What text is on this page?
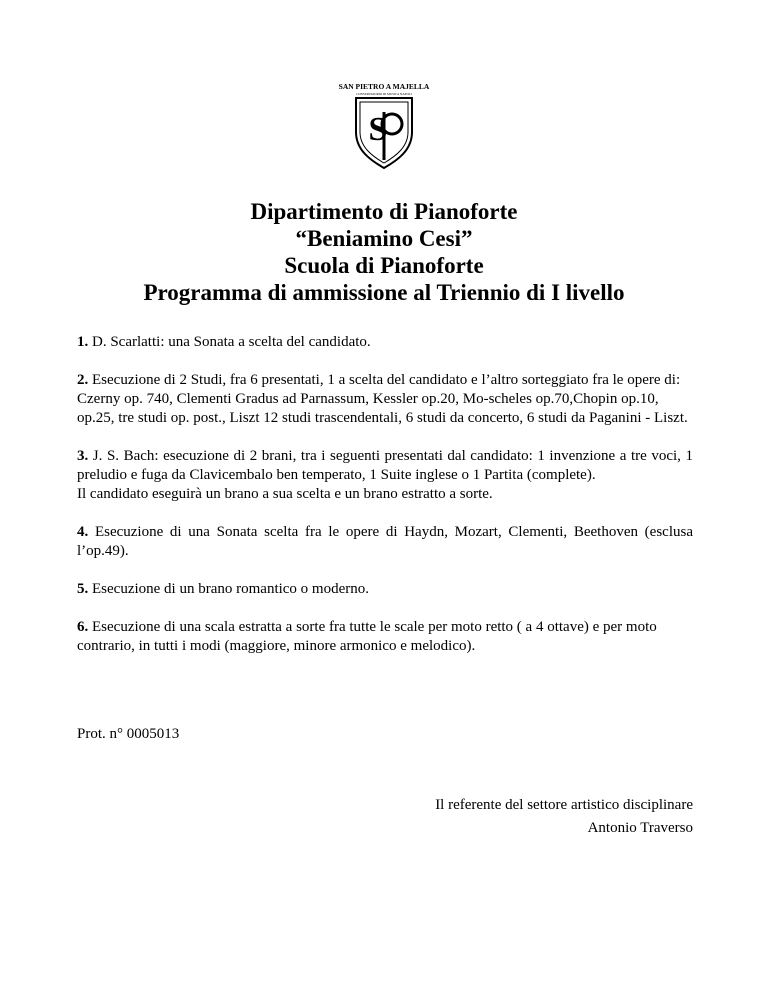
SAN PIETRO A MAJELLA
CONSERVATORIO DI MUSICA NAPOLI
S
Dipartimento di Pianoforte
“Beniamino Cesi”
Scuola di Pianoforte
Programma di ammissione al Triennio di I livello

1. D. Scarlatti: una Sonata a scelta del candidato.

2. Esecuzione di 2 Studi, fra 6 presentati, 1 a scelta del candidato e l’altro sorteggiato fra le opere di: Czerny op. 740, Clementi Gradus ad Parnassum, Kessler op.20, Mo-scheles op.70,Chopin op.10, op.25, tre studi op. post., Liszt 12 studi trascendentali, 6 studi da concerto, 6 studi da Paganini - Liszt.

3. J. S. Bach: esecuzione di 2 brani, tra i seguenti presentati dal candidato: 1 invenzione a tre voci, 1 preludio e fuga da Clavicembalo ben temperato, 1 Suite inglese o 1 Partita (complete).
Il candidato eseguirà un brano a sua scelta e un brano estratto a sorte.

4. Esecuzione di una Sonata scelta fra le opere di Haydn, Mozart, Clementi, Beethoven (esclusa l’op.49).

5. Esecuzione di un brano romantico o moderno.

6. Esecuzione di una scala estratta a sorte fra tutte le scale per moto retto ( a 4 ottave) e per moto contrario, in tutti i modi (maggiore, minore armonico e melodico).

Prot. n° 0005013
Il referente del settore artistico disciplinare
Antonio Traverso
